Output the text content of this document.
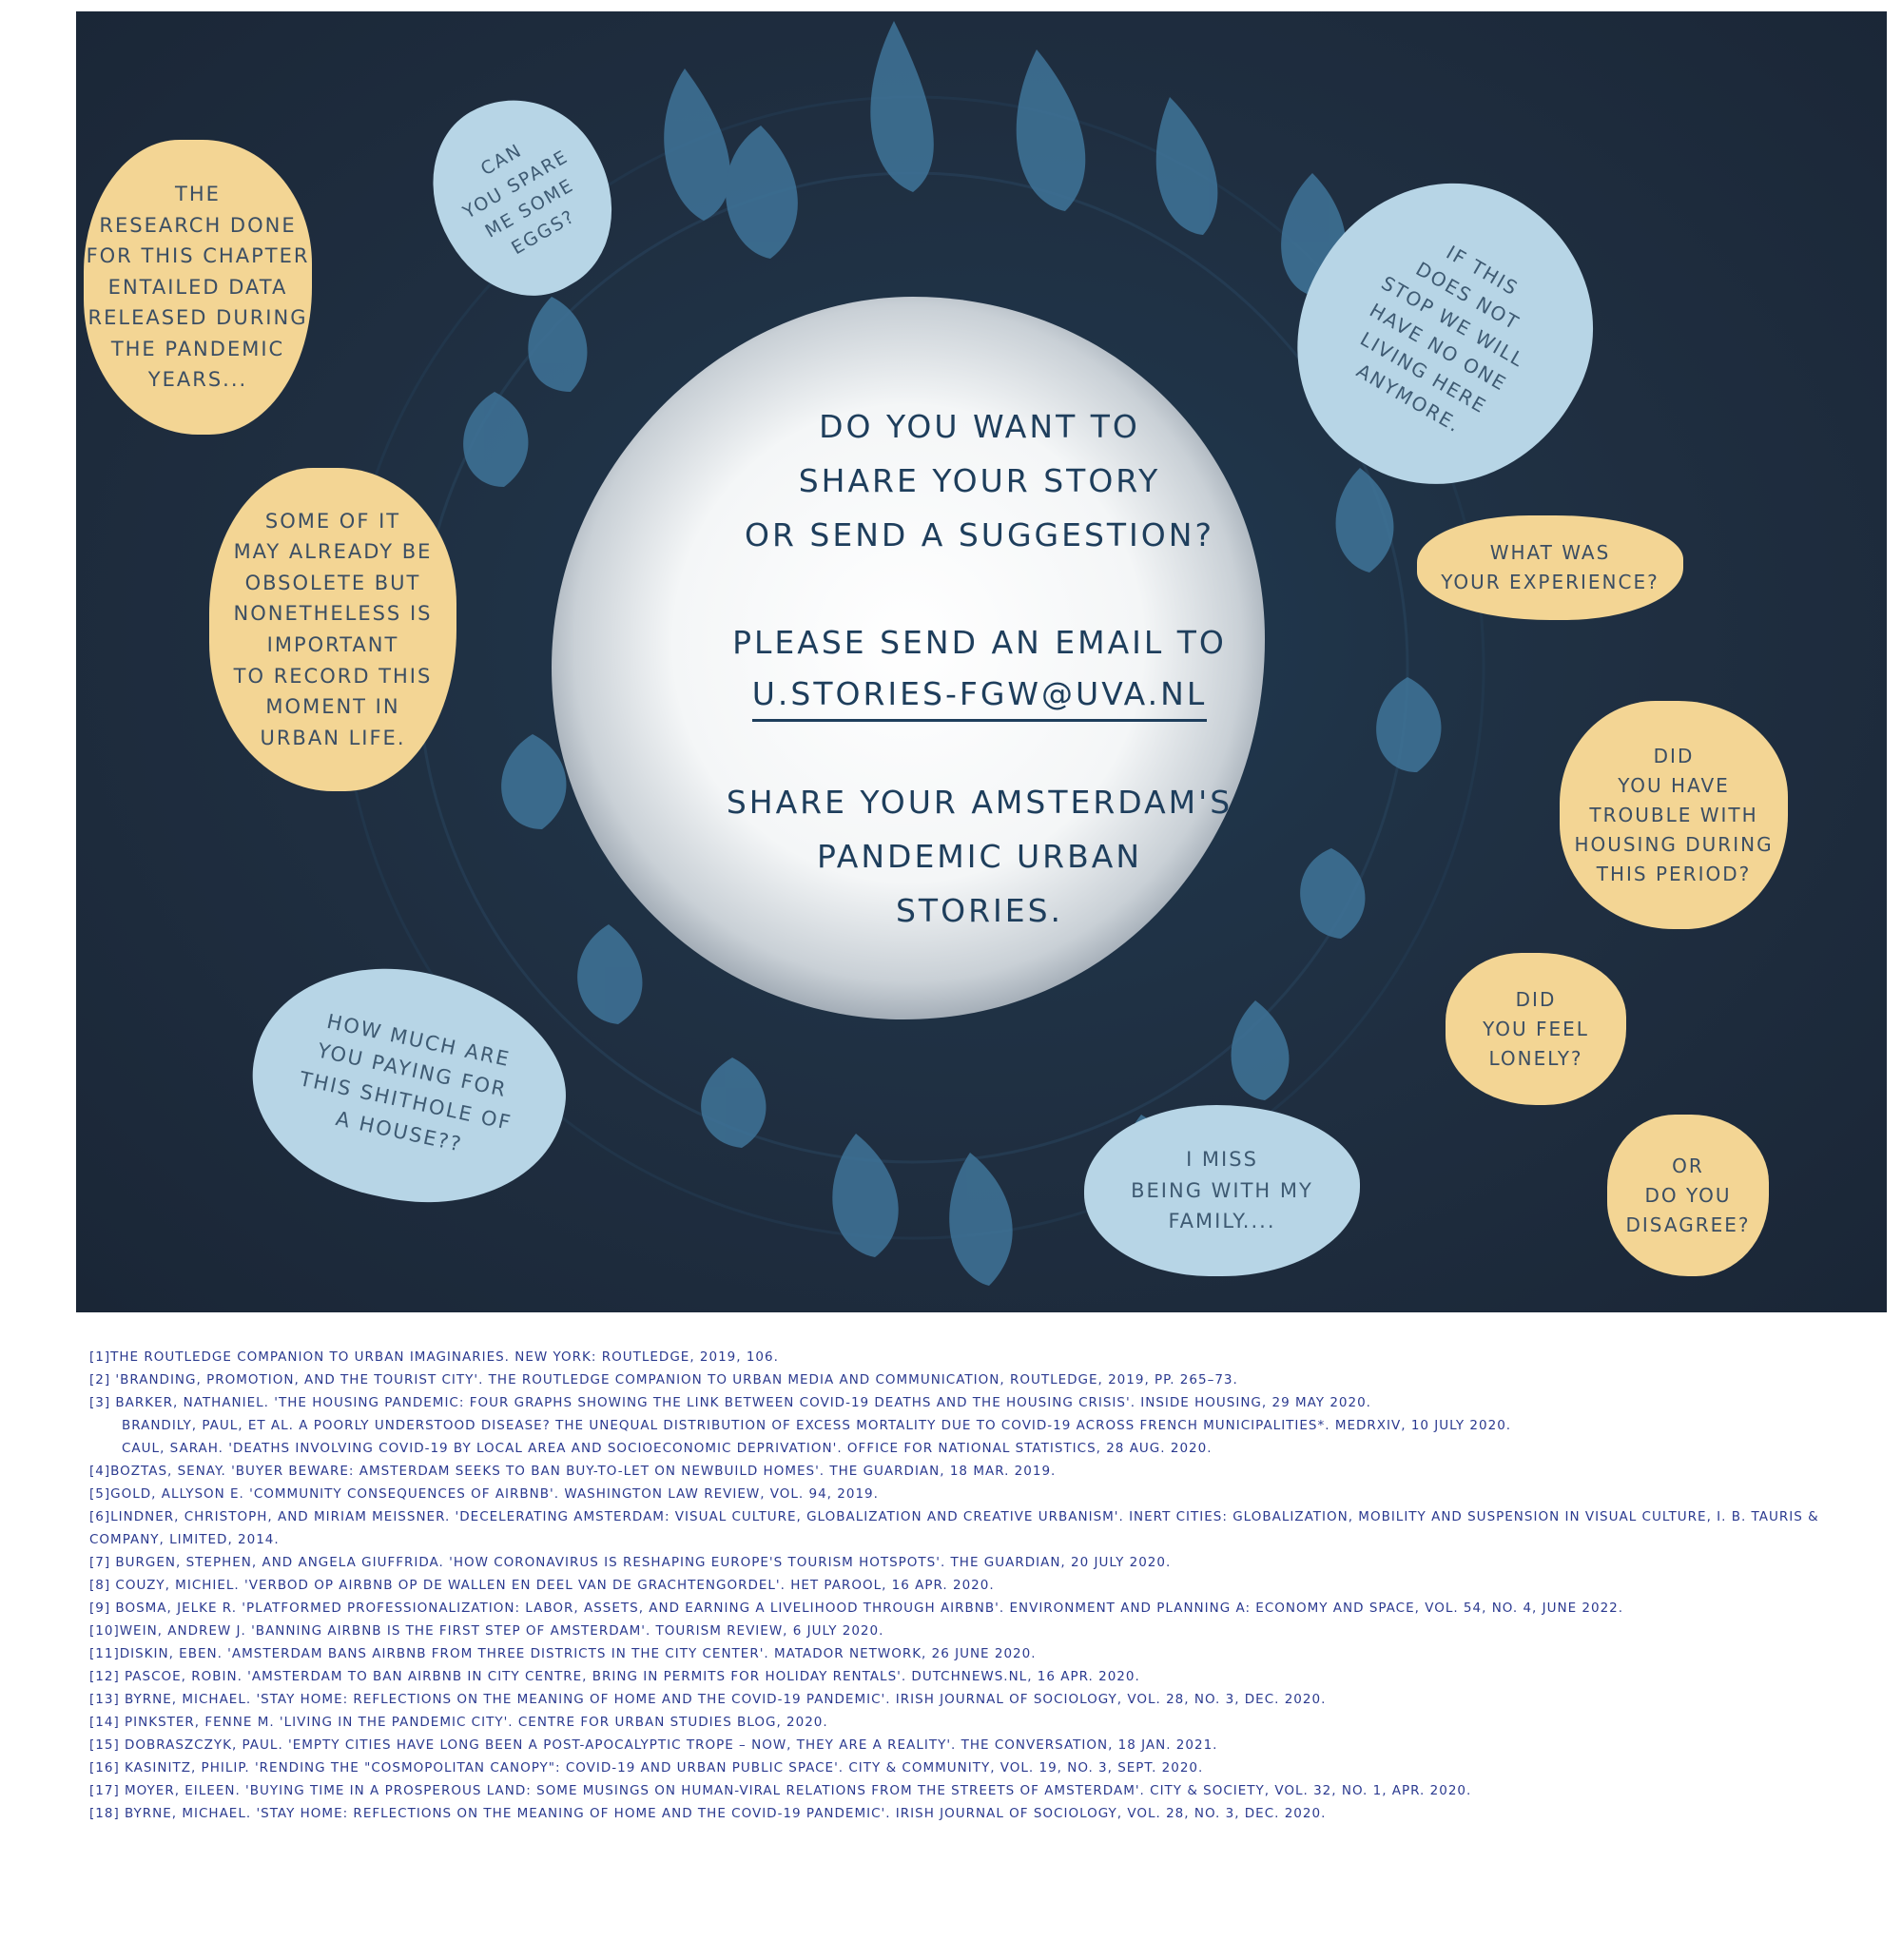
THE
RESEARCH DONE
FOR THIS CHAPTER
ENTAILED DATA
RELEASED DURING
THE PANDEMIC
YEARS...
SOME OF IT
MAY ALREADY BE
OBSOLETE BUT
NONETHELESS IS
IMPORTANT
TO RECORD THIS
MOMENT IN
URBAN LIFE.
CAN
YOU SPARE
ME SOME
EGGS?
IF THIS
DOES NOT
STOP WE WILL
HAVE NO ONE
LIVING HERE
ANYMORE.
WHAT WAS
YOUR EXPERIENCE?
DID
YOU HAVE
TROUBLE WITH
HOUSING DURING
THIS PERIOD?
DID
YOU FEEL
LONELY?
OR
DO YOU
DISAGREE?
HOW MUCH ARE
YOU PAYING FOR
THIS SHITHOLE OF
A HOUSE??
I MISS
BEING WITH MY
FAMILY....

DO YOU WANT TO
SHARE YOUR STORY
OR SEND A SUGGESTION?

PLEASE SEND AN EMAIL TO

U.STORIES-FGW@UVA.NL

SHARE YOUR AMSTERDAM'S
PANDEMIC URBAN
STORIES.

[1]THE ROUTLEDGE COMPANION TO URBAN IMAGINARIES. NEW YORK: ROUTLEDGE, 2019, 106.
[2] 'BRANDING, PROMOTION, AND THE TOURIST CITY'. THE ROUTLEDGE COMPANION TO URBAN MEDIA AND COMMUNICATION, ROUTLEDGE, 2019, PP. 265–73.
[3] BARKER, NATHANIEL. 'THE HOUSING PANDEMIC: FOUR GRAPHS SHOWING THE LINK BETWEEN COVID-19 DEATHS AND THE HOUSING CRISIS'. INSIDE HOUSING, 29 MAY 2020.
BRANDILY, PAUL, ET AL. A POORLY UNDERSTOOD DISEASE? THE UNEQUAL DISTRIBUTION OF EXCESS MORTALITY DUE TO COVID-19 ACROSS FRENCH MUNICIPALITIES*. MEDRXIV, 10 JULY 2020.
CAUL, SARAH. 'DEATHS INVOLVING COVID-19 BY LOCAL AREA AND SOCIOECONOMIC DEPRIVATION'. OFFICE FOR NATIONAL STATISTICS, 28 AUG. 2020.
[4]BOZTAS, SENAY. 'BUYER BEWARE: AMSTERDAM SEEKS TO BAN BUY-TO-LET ON NEWBUILD HOMES'. THE GUARDIAN, 18 MAR. 2019.
[5]GOLD, ALLYSON E. 'COMMUNITY CONSEQUENCES OF AIRBNB'. WASHINGTON LAW REVIEW, VOL. 94, 2019.
[6]LINDNER, CHRISTOPH, AND MIRIAM MEISSNER. 'DECELERATING AMSTERDAM: VISUAL CULTURE, GLOBALIZATION AND CREATIVE URBANISM'. INERT CITIES: GLOBALIZATION, MOBILITY AND SUSPENSION IN VISUAL CULTURE, I. B. TAURIS & COMPANY, LIMITED, 2014.
[7] BURGEN, STEPHEN, AND ANGELA GIUFFRIDA. 'HOW CORONAVIRUS IS RESHAPING EUROPE'S TOURISM HOTSPOTS'. THE GUARDIAN, 20 JULY 2020.
[8] COUZY, MICHIEL. 'VERBOD OP AIRBNB OP DE WALLEN EN DEEL VAN DE GRACHTENGORDEL'. HET PAROOL, 16 APR. 2020.
[9] BOSMA, JELKE R. 'PLATFORMED PROFESSIONALIZATION: LABOR, ASSETS, AND EARNING A LIVELIHOOD THROUGH AIRBNB'. ENVIRONMENT AND PLANNING A: ECONOMY AND SPACE, VOL. 54, NO. 4, JUNE 2022.
[10]WEIN, ANDREW J. 'BANNING AIRBNB IS THE FIRST STEP OF AMSTERDAM'. TOURISM REVIEW, 6 JULY 2020.
[11]DISKIN, EBEN. 'AMSTERDAM BANS AIRBNB FROM THREE DISTRICTS IN THE CITY CENTER'. MATADOR NETWORK, 26 JUNE 2020.
[12] PASCOE, ROBIN. 'AMSTERDAM TO BAN AIRBNB IN CITY CENTRE, BRING IN PERMITS FOR HOLIDAY RENTALS'. DUTCHNEWS.NL, 16 APR. 2020.
[13] BYRNE, MICHAEL. 'STAY HOME: REFLECTIONS ON THE MEANING OF HOME AND THE COVID-19 PANDEMIC'. IRISH JOURNAL OF SOCIOLOGY, VOL. 28, NO. 3, DEC. 2020.
[14] PINKSTER, FENNE M. 'LIVING IN THE PANDEMIC CITY'. CENTRE FOR URBAN STUDIES BLOG, 2020.
[15] DOBRASZCZYK, PAUL. 'EMPTY CITIES HAVE LONG BEEN A POST-APOCALYPTIC TROPE – NOW, THEY ARE A REALITY'. THE CONVERSATION, 18 JAN. 2021.
[16] KASINITZ, PHILIP. 'RENDING THE "COSMOPOLITAN CANOPY": COVID-19 AND URBAN PUBLIC SPACE'. CITY & COMMUNITY, VOL. 19, NO. 3, SEPT. 2020.
[17] MOYER, EILEEN. 'BUYING TIME IN A PROSPEROUS LAND: SOME MUSINGS ON HUMAN-VIRAL RELATIONS FROM THE STREETS OF AMSTERDAM'. CITY & SOCIETY, VOL. 32, NO. 1, APR. 2020.
[18] BYRNE, MICHAEL. 'STAY HOME: REFLECTIONS ON THE MEANING OF HOME AND THE COVID-19 PANDEMIC'. IRISH JOURNAL OF SOCIOLOGY, VOL. 28, NO. 3, DEC. 2020.
